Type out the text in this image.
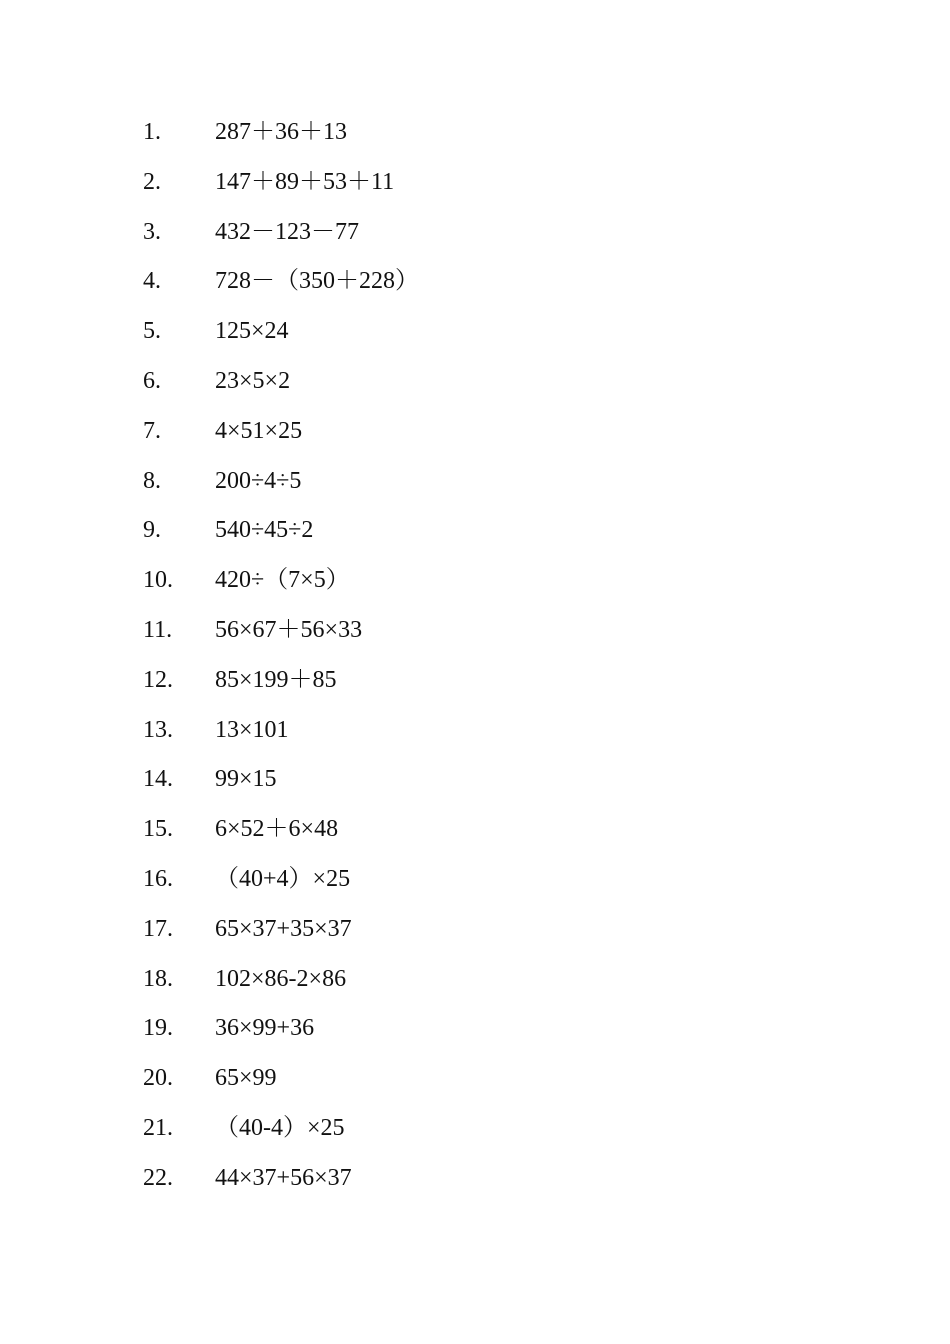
1.	287＋36＋13
2.	147＋89＋53＋11
3.	432－123－77
4.	728－（350＋228）
5.	125×24
6.	23×5×2
7.	4×51×25
8.	200÷4÷5
9.	540÷45÷2
10.	420÷（7×5）
11.	56×67＋56×33
12.	85×199＋85
13.	13×101
14.	99×15
15.	6×52＋6×48
16.	（40+4）×25
17.	65×37+35×37
18.	102×86-2×86
19.	36×99+36
20.	65×99
21.	（40-4）×25
22.	44×37+56×37
